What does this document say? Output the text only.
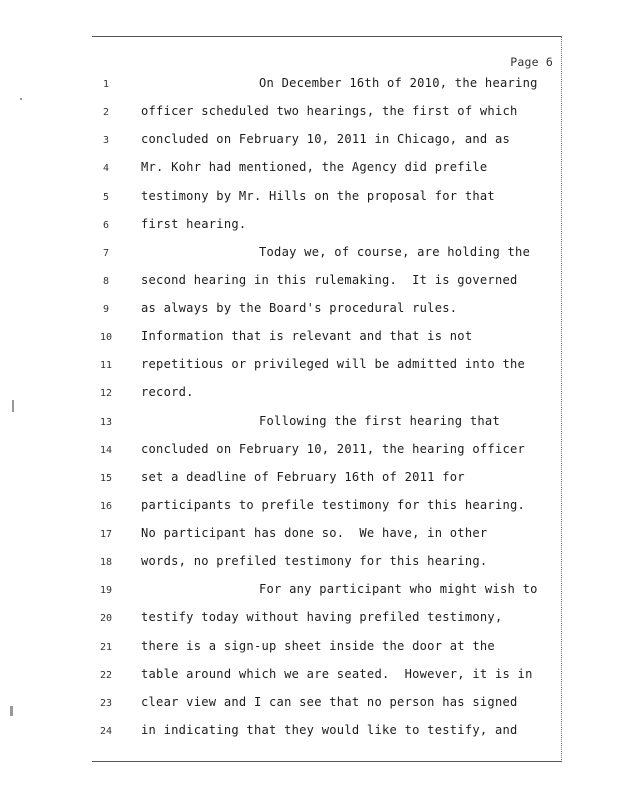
Page 6
1	On December 16th of 2010, the hearing
2	officer scheduled two hearings, the first of which
3	concluded on February 10, 2011 in Chicago, and as
4	Mr. Kohr had mentioned, the Agency did prefile
5	testimony by Mr. Hills on the proposal for that
6	first hearing.
7	Today we, of course, are holding the
8	second hearing in this rulemaking.  It is governed
9	as always by the Board's procedural rules.
10	Information that is relevant and that is not
11	repetitious or privileged will be admitted into the
12	record.
13	Following the first hearing that
14	concluded on February 10, 2011, the hearing officer
15	set a deadline of February 16th of 2011 for
16	participants to prefile testimony for this hearing.
17	No participant has done so.  We have, in other
18	words, no prefiled testimony for this hearing.
19	For any participant who might wish to
20	testify today without having prefiled testimony,
21	there is a sign-up sheet inside the door at the
22	table around which we are seated.  However, it is in
23	clear view and I can see that no person has signed
24	in indicating that they would like to testify, and
